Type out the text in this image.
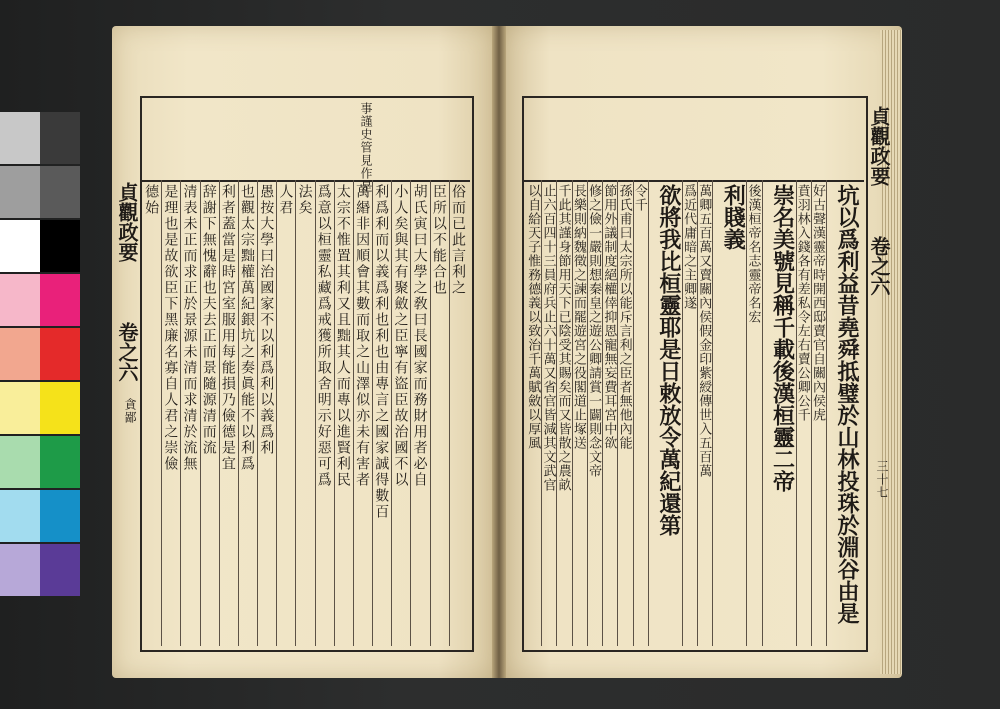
事謹史管見作是
貞觀政要
卷之六
貪鄙
貞觀政要
卷之六
三十七
俗而已此言利之
臣所以不能合也
胡氏寅曰大學之敎曰長國家而務財用者必自
小人矣與其有聚斂之臣寧有盜臣故治國不以
利爲利而以義爲利也利也由專言之國家誠得數百
萬緡非因順會其數而取之山澤似亦未有害者
太宗不惟置其利又且黜其人而專以進賢利民
爲意以桓靈私藏爲戒獲所取舍明示好惡可爲
法矣
人君
愚按大學曰治國家不以利爲利以義爲利
也觀太宗黜權萬紀銀坑之奏眞能不以利爲
利者蓋當是時宮室服用每能損乃儉德是宜
辞謝下無愧辭也夫去正而景隨源清而流
清表未正而求正於景源未清而求清於流無
是理也是故欲臣下黑廉名寡自人君之崇儉
德始	坑以爲利益昔堯舜抵璧於山林投珠於淵谷由是
好古聲漢靈帝時開西邸賣官自關內侯虎
賁羽林入錢各有差私令左右賣公卿公千
崇名美號見稱千載後漢桓靈二帝
後漢桓帝名志靈帝名宏
利賤義
萬卿五百萬又賣關內侯假金印紫綬傳世入五百萬
爲近代庸暗之主卿遂
欲將我比桓靈耶是日敕放令萬紀還第
令千
孫氏甫曰太宗所以能斥言利之臣者無他內能
節用外議制度絕權倖抑恩寵無妄費耳宮中欲
修之儉一嚴則想秦皇之遊公卿請賞一闢則念文帝
長樂則納魏徵之諫而罷遊宮之役閣道止塚送
千此其謹身節用天下已陰受其賜矣而又皆散之農畝
止六百四十三員府兵止六十萬又省官皆減其文武官
以自給天子惟務德義以致治千萬賦斂以厚風
